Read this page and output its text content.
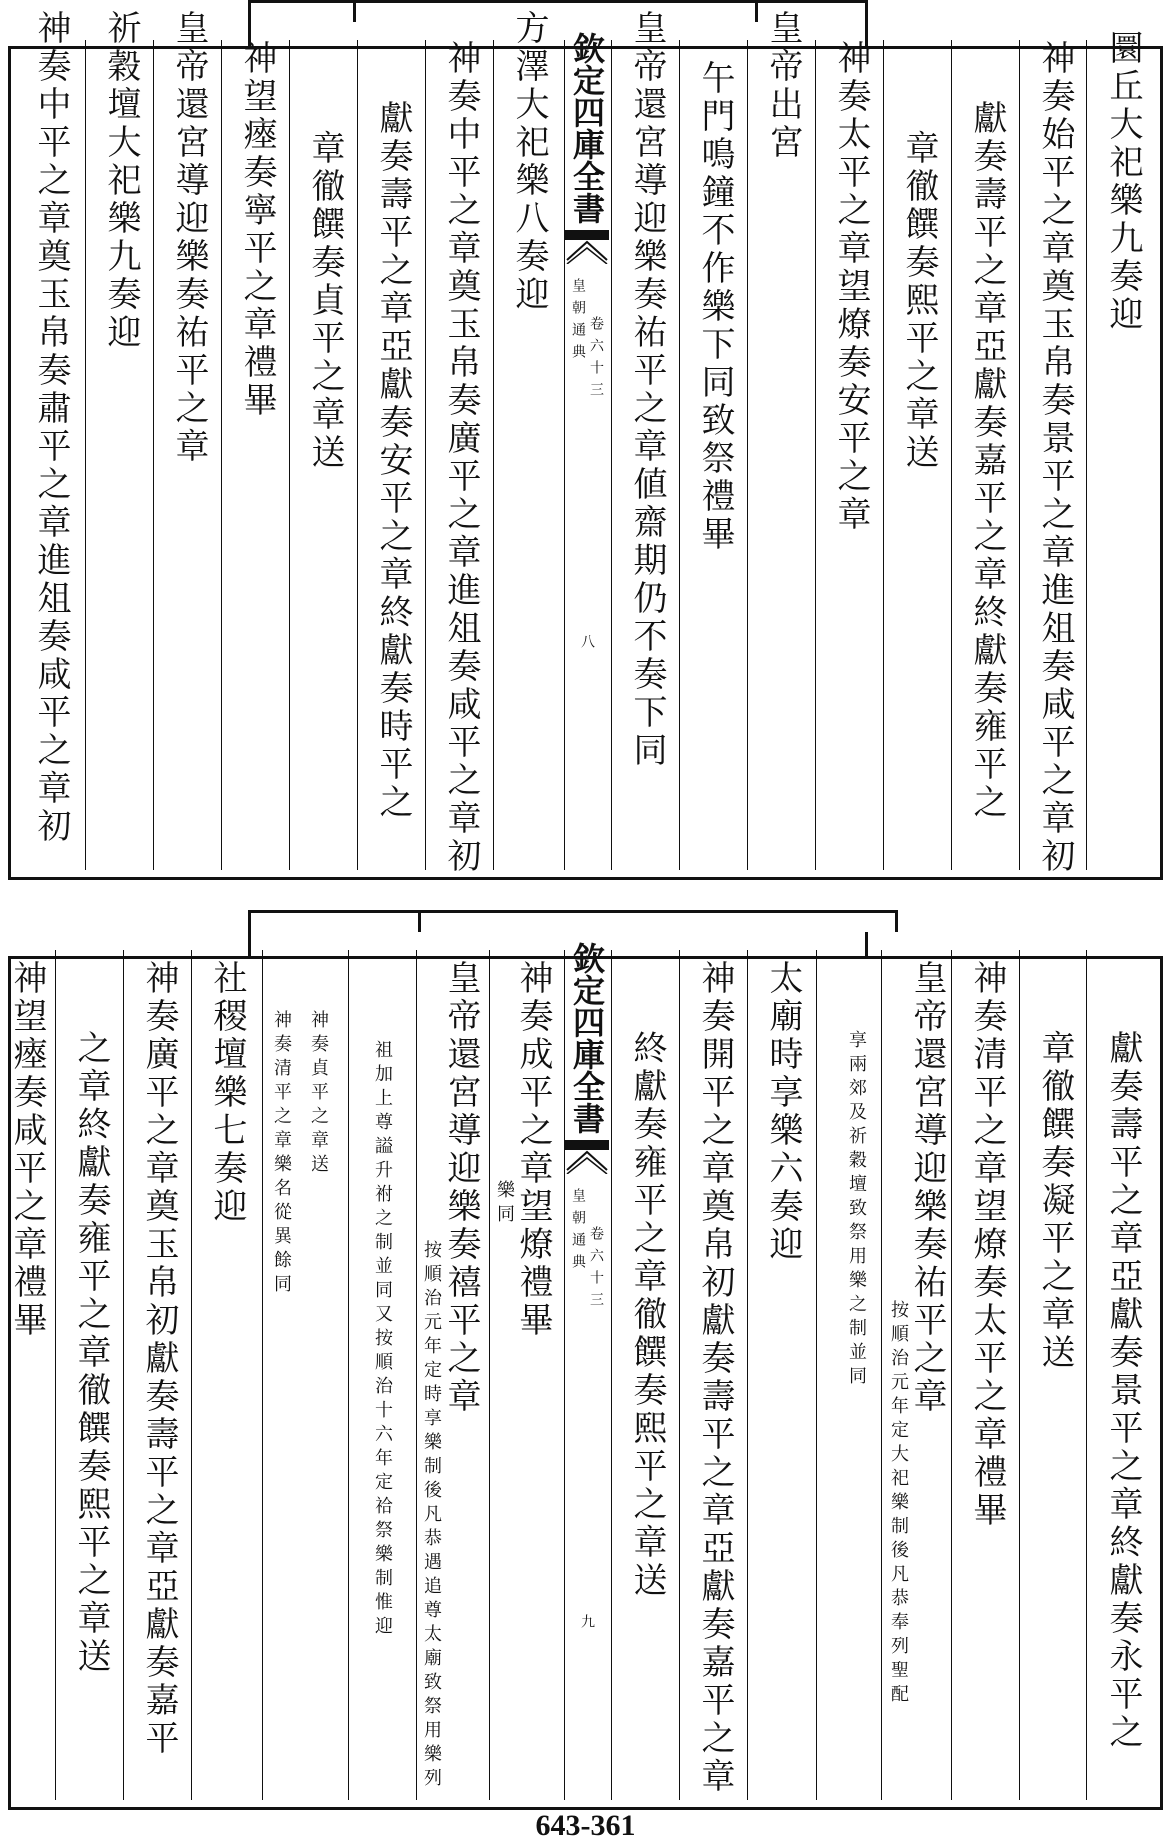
圜丘大祀樂九奏迎
神奏始平之章奠玉帛奏景平之章進俎奏咸平之章初
獻奏壽平之章亞獻奏嘉平之章終獻奏雍平之
章徹饌奏熙平之章送
神奏太平之章望燎奏安平之章
皇帝出宮
午門鳴鐘不作樂下同致祭禮畢
皇帝還宮導迎樂奏祐平之章値齋期仍不奏下同
欽定四庫全書
皇朝通典 卷六十三
八
方澤大祀樂八奏迎
神奏中平之章奠玉帛奏廣平之章進俎奏咸平之章初
獻奏壽平之章亞獻奏安平之章終獻奏時平之
章徹饌奏貞平之章送
神望瘞奏寧平之章禮畢
皇帝還宮導迎樂奏祐平之章
祈穀壇大祀樂九奏迎
神奏中平之章奠玉帛奏肅平之章進俎奏咸平之章初
獻奏壽平之章亞獻奏景平之章終獻奏永平之
章徹饌奏凝平之章送
神奏清平之章望燎奏太平之章禮畢
皇帝還宮導迎樂奏祐平之章
按順治元年定大祀樂制後凡恭奉列聖配
享兩郊及祈穀壇致祭用樂之制並同
太廟時享樂六奏迎
神奏開平之章奠帛初獻奏壽平之章亞獻奏嘉平之章
終獻奏雍平之章徹饌奏熙平之章送
欽定四庫全書
皇朝通典 卷六十三
九
神奏成平之章望燎禮畢
樂同
皇帝還宮導迎樂奏禧平之章
按順治元年定時享樂制後凡恭遇追尊太廟致祭用樂列
祖加上尊謚升祔之制並同又按順治十六年定祫祭樂制惟迎
神奏貞平之章送
神奏清平之章樂名從異餘同
社稷壇樂七奏迎
神奏廣平之章奠玉帛初獻奏壽平之章亞獻奏嘉平
之章終獻奏雍平之章徹饌奏熙平之章送
神望瘞奏咸平之章禮畢
643-361
